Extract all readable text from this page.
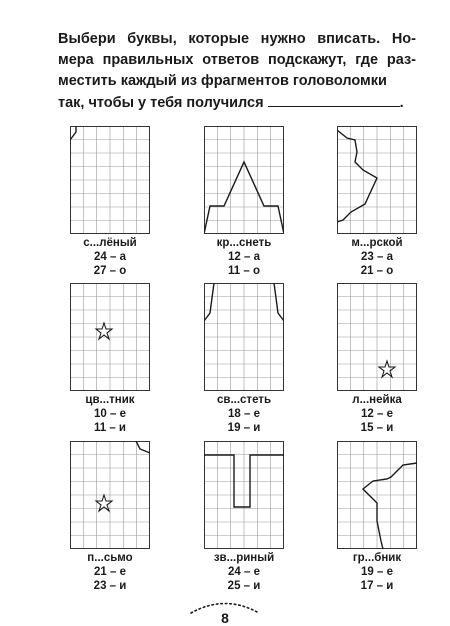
Выбери буквы, которые нужно вписать. Но-
мера правильных ответов подскажут, где раз-
местить каждый из фрагментов головоломки
так, чтобы у тебя получился	.
с...лёный
24 – а
27 – о
кр...снеть
12 – а
11 – о
м...рской
23 – а
21 – о
цв...тник
10 – е
11 – и
св...стеть
18 – е
19 – и
л...нейка
12 – е
15 – и
п...сьмо
21 – е
23 – и
зв...риный
24 – е
25 – и
гр...бник
19 – е
17 – и
8
